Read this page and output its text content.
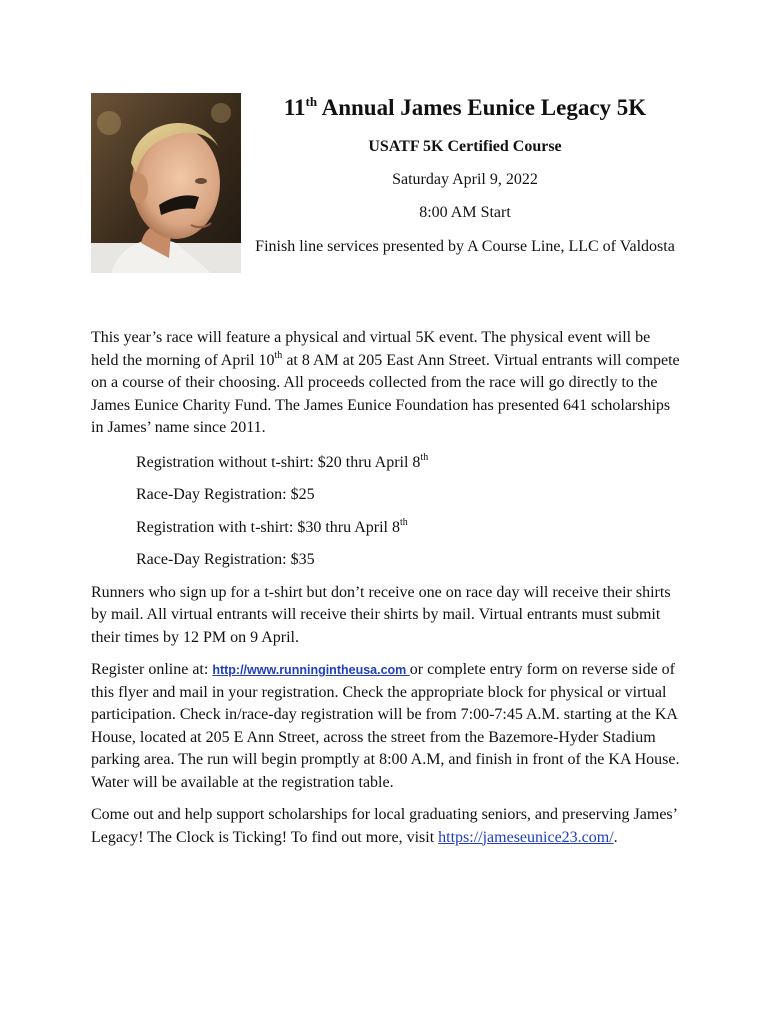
11th Annual James Eunice Legacy 5K

USATF 5K Certified Course

Saturday April 9, 2022

8:00 AM Start

Finish line services presented by A Course Line, LLC of Valdosta

This year’s race will feature a physical and virtual 5K event. The physical event will be held the morning of April 10th at 8 AM at 205 East Ann Street. Virtual entrants will compete on a course of their choosing. All proceeds collected from the race will go directly to the James Eunice Charity Fund. The James Eunice Foundation has presented 641 scholarships in James’ name since 2011.

Registration without t-shirt: $20 thru April 8th

Race-Day Registration: $25

Registration with t-shirt: $30 thru April 8th

Race-Day Registration: $35

Runners who sign up for a t-shirt but don’t receive one on race day will receive their shirts by mail. All virtual entrants will receive their shirts by mail. Virtual entrants must submit their times by 12 PM on 9 April.

Register online at: http://www.runningintheusa.com or complete entry form on reverse side of this flyer and mail in your registration. Check the appropriate block for physical or virtual participation. Check in/race-day registration will be from 7:00-7:45 A.M. starting at the KA House, located at 205 E Ann Street, across the street from the Bazemore-Hyder Stadium parking area. The run will begin promptly at 8:00 A.M, and finish in front of the KA House. Water will be available at the registration table.

Come out and help support scholarships for local graduating seniors, and preserving James’ Legacy! The Clock is Ticking! To find out more, visit https://jameseunice23.com/.
